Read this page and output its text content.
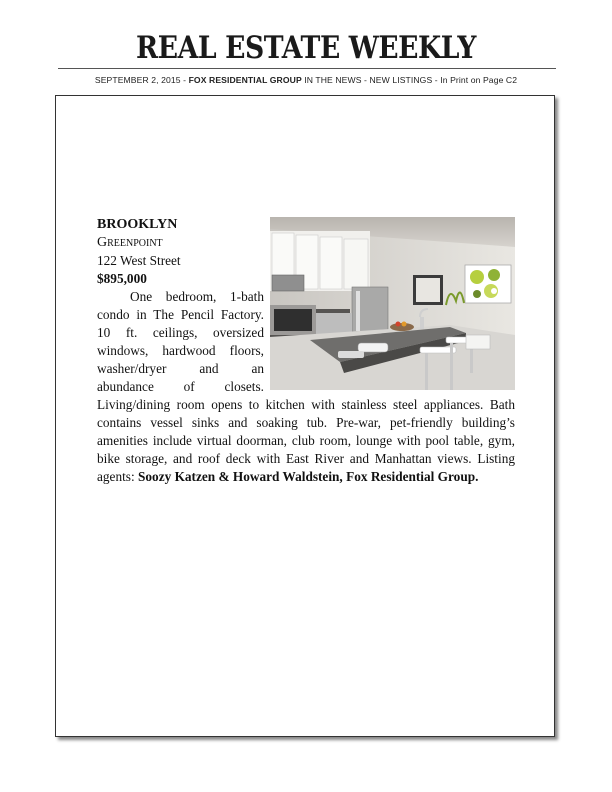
REAL ESTATE WEEKLY
SEPTEMBER 2, 2015 - FOX RESIDENTIAL GROUP IN THE NEWS - NEW LISTINGS - In Print on Page C2
BROOKLYN
Greenpoint
122 West Street
$895,000
One bedroom, 1-bath condo in The Pencil Factory. 10 ft. ceilings, oversized windows, hardwood floors, washer/dryer and an abundance of closets. Living/dining room opens to kitchen with stainless steel appliances. Bath contains vessel sinks and soaking tub. Pre-war, pet-friendly building’s amenities include virtual doorman, club room, lounge with pool table, gym, bike storage, and roof deck with East River and Manhattan views. Listing agents: Soozy Katzen & Howard Waldstein, Fox Residential Group.
